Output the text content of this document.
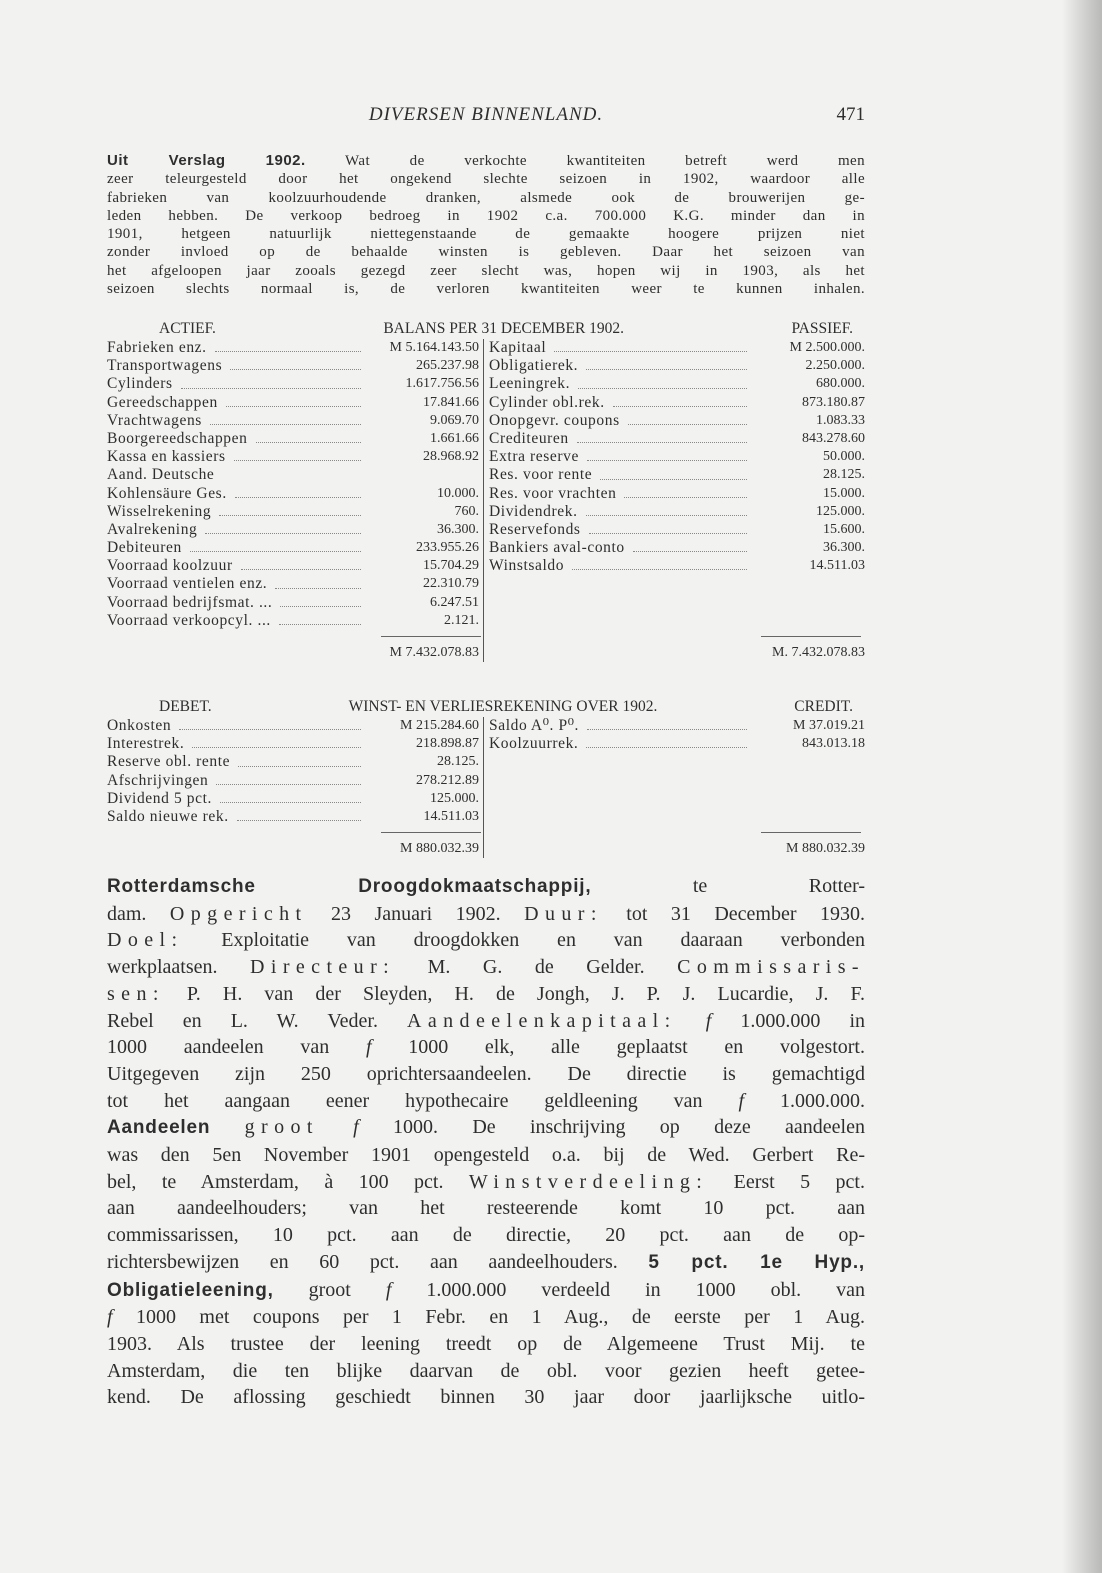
DIVERSEN BINNENLAND.	471
Uit Verslag 1902. Wat de verkochte kwantiteiten betreft werd men
zeer teleurgesteld door het ongekend slechte seizoen in 1902, waardoor alle
fabrieken van koolzuurhoudende dranken, alsmede ook de brouwerijen ge-
leden hebben. De verkoop bedroeg in 1902 c.a. 700.000 K.G. minder dan in
1901, hetgeen natuurlijk niettegenstaande de gemaakte hoogere prijzen niet
zonder invloed op de behaalde winsten is gebleven. Daar het seizoen van
het afgeloopen jaar zooals gezegd zeer slecht was, hopen wij in 1903, als het
seizoen slechts normaal is, de verloren kwantiteiten weer te kunnen inhalen.
ACTIEF.	BALANS PER 31 DECEMBER 1902.	PASSIEF.
Fabrieken enz.	M 5.164.143.50
Transportwagens	265.237.98
Cylinders	1.617.756.56
Gereedschappen	17.841.66
Vrachtwagens	9.069.70
Boorgereedschappen	1.661.66
Kassa en kassiers	28.968.92
Aand. Deutsche
Kohlensäure Ges.	10.000.
Wisselrekening	760.
Avalrekening	36.300.
Debiteuren	233.955.26
Voorraad koolzuur	15.704.29
Voorraad ventielen enz.	22.310.79
Voorraad bedrijfsmat. ...	6.247.51
Voorraad verkoopcyl. ...	2.121.
M 7.432.078.83
Kapitaal	M 2.500.000.
Obligatierek.	2.250.000.
Leeningrek.	680.000.
Cylinder obl.rek.	873.180.87
Onopgevr. coupons	1.083.33
Crediteuren	843.278.60
Extra reserve	50.000.
Res. voor rente	28.125.
Res. voor vrachten	15.000.
Dividendrek.	125.000.
Reservefonds	15.600.
Bankiers aval-conto	36.300.
Winstsaldo	14.511.03
M. 7.432.078.83
DEBET.	WINST- EN VERLIESREKENING OVER 1902.	CREDIT.
Onkosten	M 215.284.60
Interestrek.	218.898.87
Reserve obl. rente	28.125.
Afschrijvingen	278.212.89
Dividend 5 pct.	125.000.
Saldo nieuwe rek.	14.511.03
M 880.032.39
Saldo A⁰. P⁰.	M 37.019.21
Koolzuurrek.	843.013.18
M 880.032.39
Rotterdamsche Droogdokmaatschappij, te Rotter-
dam. Opgericht 23 Januari 1902. Duur: tot 31 December 1930.
Doel: Exploitatie van droogdokken en van daaraan verbonden
werkplaatsen. Directeur: M. G. de Gelder. Commissaris-
sen: P. H. van der Sleyden, H. de Jongh, J. P. J. Lucardie, J. F.
Rebel en L. W. Veder. Aandeelenkapitaal: f 1.000.000 in
1000 aandeelen van f 1000 elk, alle geplaatst en volgestort.
Uitgegeven zijn 250 oprichtersaandeelen. De directie is gemachtigd
tot het aangaan eener hypothecaire geldleening van f 1.000.000.
Aandeelen groot f 1000. De inschrijving op deze aandeelen
was den 5en November 1901 opengesteld o.a. bij de Wed. Gerbert Re-
bel, te Amsterdam, à 100 pct. Winstverdeeling: Eerst 5 pct.
aan aandeelhouders; van het resteerende komt 10 pct. aan
commissarissen, 10 pct. aan de directie, 20 pct. aan de op-
richtersbewijzen en 60 pct. aan aandeelhouders. 5 pct. 1e Hyp.,
Obligatieleening, groot f 1.000.000 verdeeld in 1000 obl. van
f 1000 met coupons per 1 Febr. en 1 Aug., de eerste per 1 Aug.
1903. Als trustee der leening treedt op de Algemeene Trust Mij. te
Amsterdam, die ten blijke daarvan de obl. voor gezien heeft getee-
kend. De aflossing geschiedt binnen 30 jaar door jaarlijksche uitlo-
